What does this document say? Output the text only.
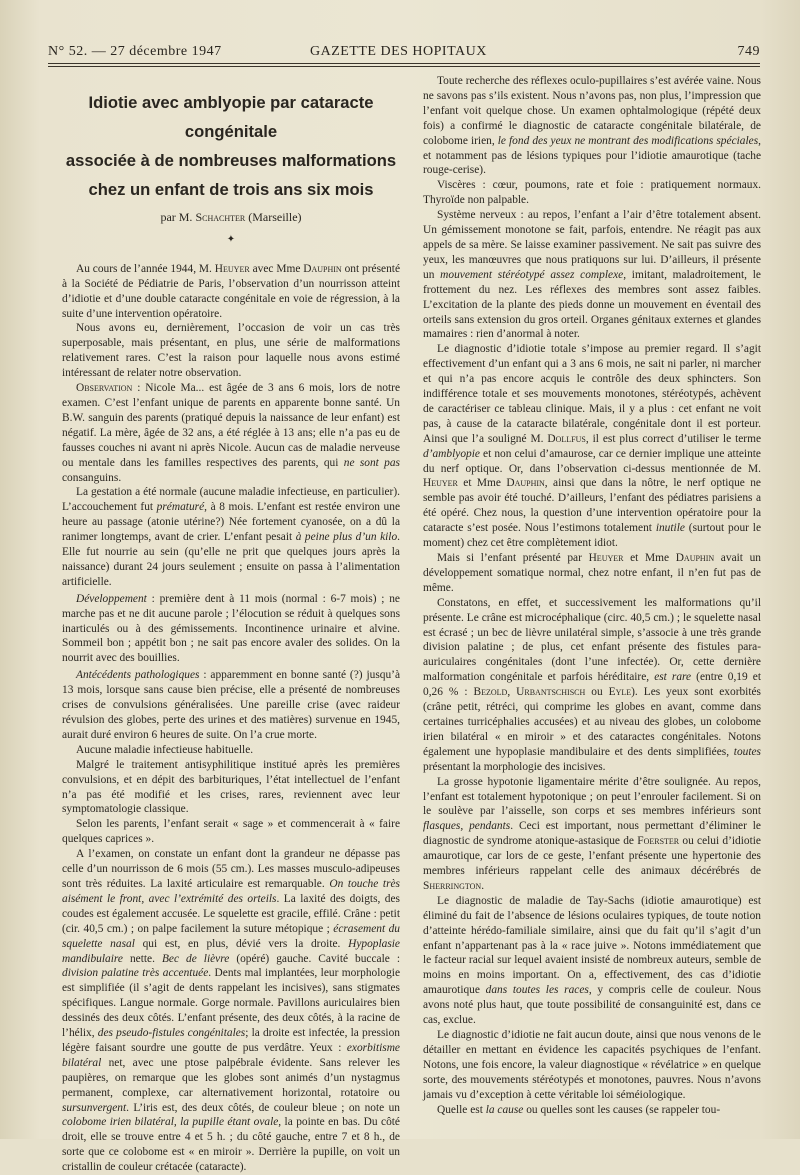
N° 52. — 27 décembre 1947	GAZETTE DES HOPITAUX	749
Idiotie avec amblyopie par cataracte congénitale
associée à de nombreuses malformations
chez un enfant de trois ans six mois
par M. Schachter (Marseille)
✦

Au cours de l’année 1944, M. Heuyer avec Mme Dauphin ont présenté à la Société de Pédiatrie de Paris, l’observation d’un nourrisson atteint d’idiotie et d’une double cataracte congénitale en voie de régression, à la suite d’une intervention opératoire.

Nous avons eu, dernièrement, l’occasion de voir un cas très superposable, mais présentant, en plus, une série de malformations relativement rares. C’est la raison pour laquelle nous avons estimé intéressant de relater notre observation.

Observation : Nicole Ma... est âgée de 3 ans 6 mois, lors de notre examen. C’est l’enfant unique de parents en apparente bonne santé. Un B.W. sanguin des parents (pratiqué depuis la naissance de leur enfant) est négatif. La mère, âgée de 32 ans, a été réglée à 13 ans; elle n’a pas eu de fausses couches ni avant ni après Nicole. Aucun cas de maladie nerveuse ou mentale dans les familles respectives des parents, qui ne sont pas consanguins.

La gestation a été normale (aucune maladie infectieuse, en particulier). L’accouchement fut prématuré, à 8 mois. L’enfant est restée environ une heure au passage (atonie utérine?) Née fortement cyanosée, on a dû la ranimer longtemps, avant de crier. L’enfant pesait à peine plus d’un kilo. Elle fut nourrie au sein (qu’elle ne prit que quelques jours après la naissance) durant 24 jours seulement ; ensuite on passa à l’alimentation artificielle.

Développement : première dent à 11 mois (normal : 6-7 mois) ; ne marche pas et ne dit aucune parole ; l’élocution se réduit à quelques sons inarticulés ou à des gémissements. Incontinence urinaire et alvine. Sommeil bon ; appétit bon ; ne sait pas encore avaler des solides. On la nourrit avec des bouillies.

Antécédents pathologiques : apparemment en bonne santé (?) jusqu’à 13 mois, lorsque sans cause bien précise, elle a présenté de nombreuses crises de convulsions généralisées. Une pareille crise (avec raideur révulsion des globes, perte des urines et des matières) survenue en 1945, aurait duré environ 6 heures de suite. On l’a crue morte.

Aucune maladie infectieuse habituelle.

Malgré le traitement antisyphilitique institué après les premières convulsions, et en dépit des barbituriques, l’état intellectuel de l’enfant n’a pas été modifié et les crises, rares, reviennent avec leur symptomatologie classique.

Selon les parents, l’enfant serait « sage » et commencerait à « faire quelques caprices ».

A l’examen, on constate un enfant dont la grandeur ne dépasse pas celle d’un nourrisson de 6 mois (55 cm.). Les masses musculo-adipeuses sont très réduites. La laxité articulaire est remarquable. On touche très aisément le front, avec l’extrémité des orteils. La laxité des doigts, des coudes est également accusée. Le squelette est gracile, effilé. Crâne : petit (cir. 40,5 cm.) ; on palpe facilement la suture métopique ; écrasement du squelette nasal qui est, en plus, dévié vers la droite. Hypoplasie mandibulaire nette. Bec de lièvre (opéré) gauche. Cavité buccale : division palatine très accentuée. Dents mal implantées, leur morphologie est simplifiée (il s’agit de dents rappelant les incisives), sans stigmates spécifiques. Langue normale. Gorge normale. Pavillons auriculaires bien dessinés des deux côtés. L’enfant présente, des deux côtés, à la racine de l’hélix, des pseudo-fistules congénitales; la droite est infectée, la pression légère faisant sourdre une goutte de pus verdâtre. Yeux : exorbitisme bilatéral net, avec une ptose palpébrale évidente. Sans relever les paupières, on remarque que les globes sont animés d’un nystagmus permanent, complexe, car alternativement horizontal, rotatoire ou sursunvergent. L’iris est, des deux côtés, de couleur bleue ; on note un colobome irien bilatéral, la pupille étant ovale, la pointe en bas. Du côté droit, elle se trouve entre 4 et 5 h. ; du côté gauche, entre 7 et 8 h., de sorte que ce colobome est « en miroir ». Derrière la pupille, on voit un cristallin de couleur crétacée (cataracte).

Toute recherche des réflexes oculo-pupillaires s’est avérée vaine. Nous ne savons pas s’ils existent. Nous n’avons pas, non plus, l’impression que l’enfant voit quelque chose. Un examen ophtalmologique (répété deux fois) a confirmé le diagnostic de cataracte congénitale bilatérale, de colobome irien, le fond des yeux ne montrant des modifications spéciales, et notamment pas de lésions typiques pour l’idiotie amaurotique (tache rouge-cerise).

Viscères : cœur, poumons, rate et foie : pratiquement normaux. Thyroïde non palpable.

Système nerveux : au repos, l’enfant a l’air d’être totalement absent. Un gémissement monotone se fait, parfois, entendre. Ne réagit pas aux appels de sa mère. Se laisse examiner passivement. Ne sait pas suivre des yeux, les manœuvres que nous pratiquons sur lui. D’ailleurs, il présente un mouvement stéréotypé assez complexe, imitant, maladroitement, le frottement du nez. Les réflexes des membres sont assez faibles. L’excitation de la plante des pieds donne un mouvement en éventail des orteils sans extension du gros orteil. Organes génitaux externes et glandes mamaires : rien d’anormal à noter.

Le diagnostic d’idiotie totale s’impose au premier regard. Il s’agit effectivement d’un enfant qui a 3 ans 6 mois, ne sait ni parler, ni marcher et qui n’a pas encore acquis le contrôle des deux sphincters. Son indifférence totale et ses mouvements monotones, stéréotypés, achèvent de caractériser ce tableau clinique. Mais, il y a plus : cet enfant ne voit pas, à cause de la cataracte bilatérale, congénitale dont il est porteur. Ainsi que l’a souligné M. Dollfus, il est plus correct d’utiliser le terme d’amblyopie et non celui d’amaurose, car ce dernier implique une atteinte du nerf optique. Or, dans l’observation ci-dessus mentionnée de M. Heuyer et Mme Dauphin, ainsi que dans la nôtre, le nerf optique ne semble pas avoir été touché. D’ailleurs, l’enfant des pédiatres parisiens a été opéré. Chez nous, la question d’une intervention opératoire pour la cataracte s’est posée. Nous l’estimons totalement inutile (surtout pour le moment) chez cet être complètement idiot.

Mais si l’enfant présenté par Heuyer et Mme Dauphin avait un développement somatique normal, chez notre enfant, il n’en fut pas de même.

Constatons, en effet, et successivement les malformations qu’il présente. Le crâne est microcéphalique (circ. 40,5 cm.) ; le squelette nasal est écrasé ; un bec de lièvre unilatéral simple, s’associe à une très grande division palatine ; de plus, cet enfant présente des fistules para-auriculaires congénitales (dont l’une infectée). Or, cette dernière malformation congénitale et parfois héréditaire, est rare (entre 0,19 et 0,26 % : Bezold, Urbantschisch ou Eyle). Les yeux sont exorbités (crâne petit, rétréci, qui comprime les globes en avant, comme dans certaines turricéphalies accusées) et au niveau des globes, un colobome irien bilatéral « en miroir » et des cataractes congénitales. Notons également une hypoplasie mandibulaire et des dents simplifiées, toutes présentant la morphologie des incisives.

La grosse hypotonie ligamentaire mérite d’être soulignée. Au repos, l’enfant est totalement hypotonique ; on peut l’enrouler facilement. Si on le soulève par l’aisselle, son corps et ses membres inférieurs sont flasques, pendants. Ceci est important, nous permettant d’éliminer le diagnostic de syndrome atonique-astasique de Foerster ou celui d’idiotie amaurotique, car lors de ce geste, l’enfant présente une hypertonie des membres inférieurs rappelant celle des animaux décérébrés de Sherrington.

Le diagnostic de maladie de Tay-Sachs (idiotie amaurotique) est éliminé du fait de l’absence de lésions oculaires typiques, de toute notion d’atteinte hérédo-familiale similaire, ainsi que du fait qu’il s’agit d’un enfant n’appartenant pas à la « race juive ». Notons immédiatement que le facteur racial sur lequel avaient insisté de nombreux auteurs, semble de moins en moins important. On a, effectivement, des cas d’idiotie amaurotique dans toutes les races, y compris celle de couleur. Nous avons noté plus haut, que toute possibilité de consanguinité est, dans ce cas, exclue.

Le diagnostic d’idiotie ne fait aucun doute, ainsi que nous venons de le détailler en mettant en évidence les capacités psychiques de l’enfant. Notons, une fois encore, la valeur diagnostique « révélatrice » en quelque sorte, des mouvements stéréotypés et monotones, pauvres. Nous n’avons jamais vu d’exception à cette véritable loi séméiologique.

Quelle est la cause ou quelles sont les causes (se rappeler tou-
